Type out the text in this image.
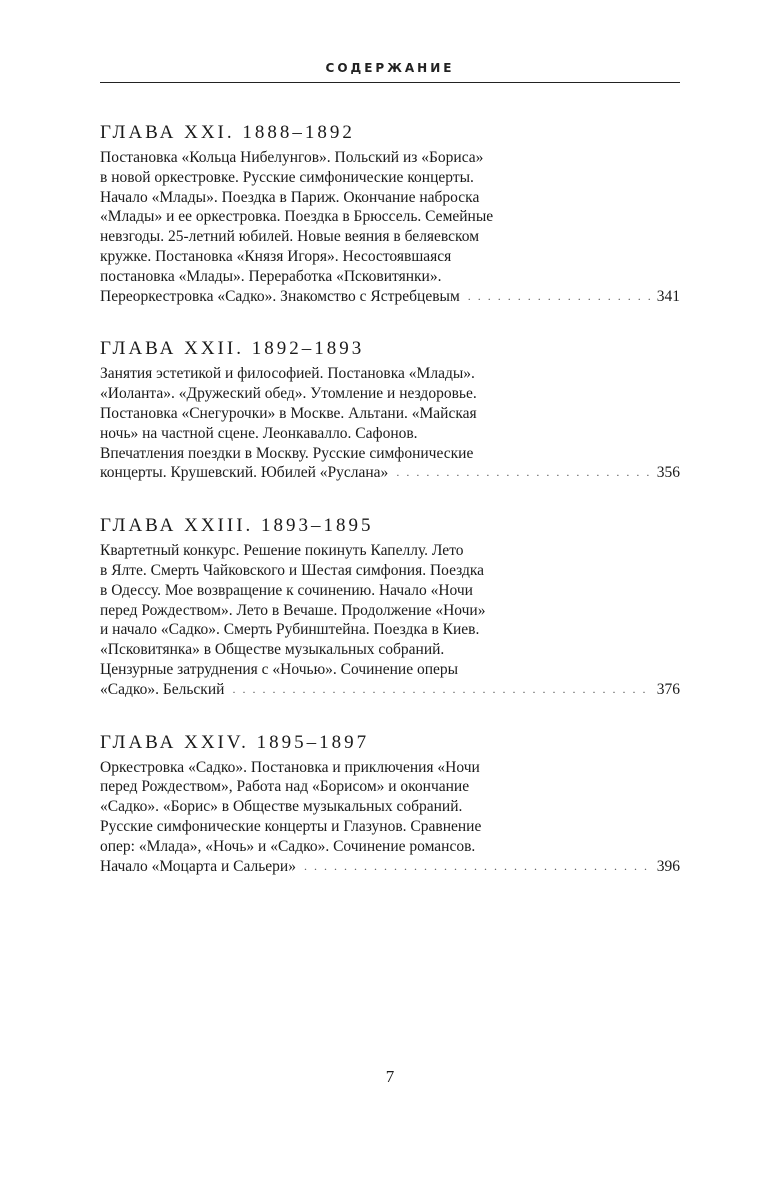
СОДЕРЖАНИЕ
ГЛАВА XXI. 1888–1892
Постановка «Кольца Нибелунгов». Польский из «Бориса»
в новой оркестровке. Русские симфонические концерты.
Начало «Млады». Поездка в Париж. Окончание наброска
«Млады» и ее оркестровка. Поездка в Брюссель. Семейные
невзгоды. 25-летний юбилей. Новые веяния в беляевском
кружке. Постановка «Князя Игоря». Несостоявшаяся
постановка «Млады». Переработка «Псковитянки».
Переоркестровка «Садко». Знакомство с Ястребцевым . . .	341
ГЛАВА XXII. 1892–1893
Занятия эстетикой и философией. Постановка «Млады».
«Иоланта». «Дружеский обед». Утомление и нездоровье.
Постановка «Снегурочки» в Москве. Альтани. «Майская
ночь» на частной сцене. Леонкавалло. Сафонов.
Впечатления поездки в Москву. Русские симфонические
концерты. Крушевский. Юбилей «Руслана» . . .	356
ГЛАВА XXIII. 1893–1895
Квартетный конкурс. Решение покинуть Капеллу. Лето
в Ялте. Смерть Чайковского и Шестая симфония. Поездка
в Одессу. Мое возвращение к сочинению. Начало «Ночи
перед Рождеством». Лето в Вечаше. Продолжение «Ночи»
и начало «Садко». Смерть Рубинштейна. Поездка в Киев.
«Псковитянка» в Обществе музыкальных собраний.
Цензурные затруднения с «Ночью». Сочинение оперы
«Садко». Бельский . . .	376
ГЛАВА XXIV. 1895–1897
Оркестровка «Садко». Постановка и приключения «Ночи
перед Рождеством», Работа над «Борисом» и окончание
«Садко». «Борис» в Обществе музыкальных собраний.
Русские симфонические концерты и Глазунов. Сравнение
опер: «Млада», «Ночь» и «Садко». Сочинение романсов.
Начало «Моцарта и Сальери» . . .	396
7
